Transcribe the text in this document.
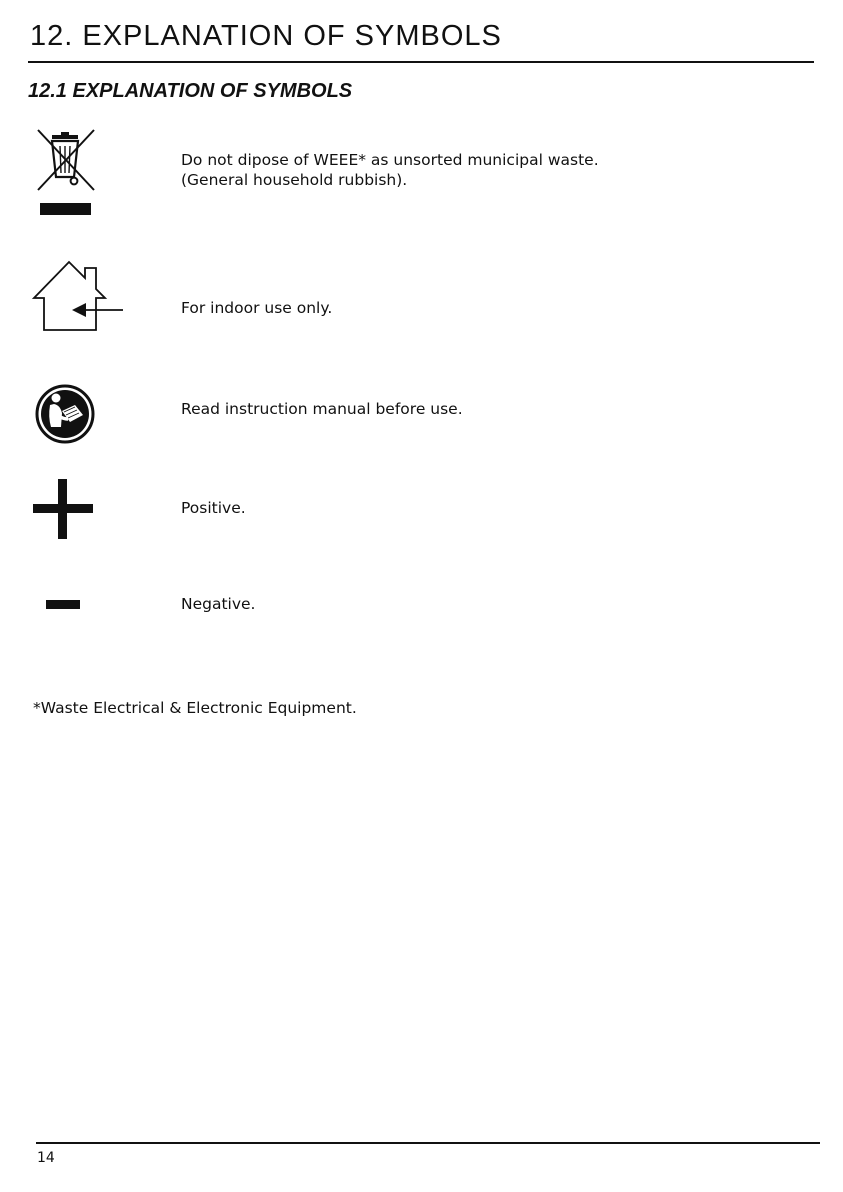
12. EXPLANATION OF SYMBOLS
12.1 EXPLANATION OF SYMBOLS
Do not dipose of WEEE* as unsorted municipal waste.
(General household rubbish).
For indoor use only.
Read instruction manual before use.
Positive.
Negative.
*Waste Electrical & Electronic Equipment.
14
